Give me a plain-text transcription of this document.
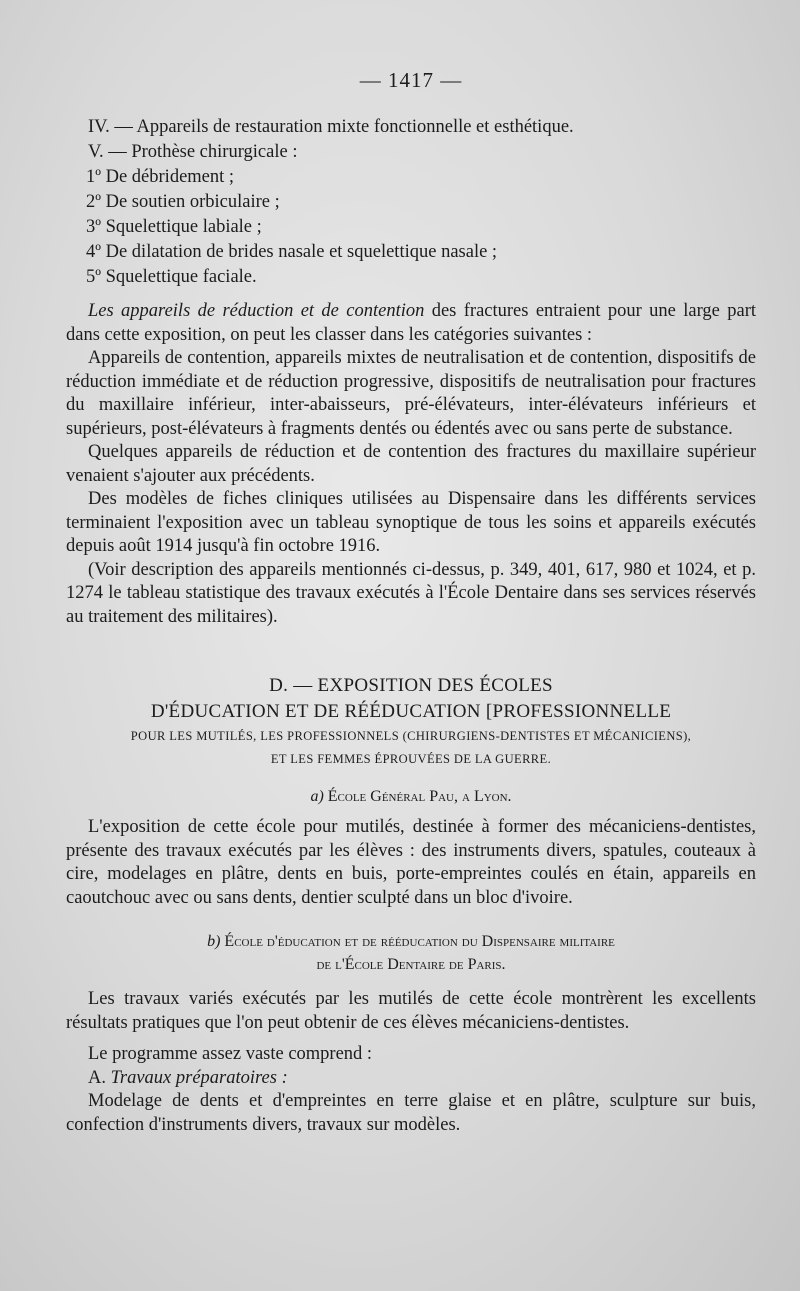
— 1417 —

IV. — Appareils de restauration mixte fonctionnelle et esthétique.

V. — Prothèse chirurgicale :

1º De débridement ;

2º De soutien orbiculaire ;

3º Squelettique labiale ;

4º De dilatation de brides nasale et squelettique nasale ;

5º Squelettique faciale.

Les appareils de réduction et de contention des fractures entraient pour une large part dans cette exposition, on peut les classer dans les catégories suivantes :

Appareils de contention, appareils mixtes de neutralisation et de contention, dispositifs de réduction immédiate et de réduction progressive, dispositifs de neutralisation pour fractures du maxillaire inférieur, inter-abaisseurs, pré-élévateurs, inter-élévateurs inférieurs et supérieurs, post-élévateurs à fragments dentés ou édentés avec ou sans perte de substance.

Quelques appareils de réduction et de contention des fractures du maxillaire supérieur venaient s'ajouter aux précédents.

Des modèles de fiches cliniques utilisées au Dispensaire dans les différents services terminaient l'exposition avec un tableau synoptique de tous les soins et appareils exécutés depuis août 1914 jusqu'à fin octobre 1916.

(Voir description des appareils mentionnés ci-dessus, p. 349, 401, 617, 980 et 1024, et p. 1274 le tableau statistique des travaux exécutés à l'École Dentaire dans ses services réservés au traitement des militaires).

D. — EXPOSITION DES ÉCOLES

D'ÉDUCATION ET DE RÉÉDUCATION [PROFESSIONNELLE

POUR LES MUTILÉS, LES PROFESSIONNELS (CHIRURGIENS-DENTISTES ET MÉCANICIENS),

ET LES FEMMES ÉPROUVÉES DE LA GUERRE.

a) École Général Pau, a Lyon.

L'exposition de cette école pour mutilés, destinée à former des mécaniciens-dentistes, présente des travaux exécutés par les élèves : des instruments divers, spatules, couteaux à cire, modelages en plâtre, dents en buis, porte-empreintes coulés en étain, appareils en caoutchouc avec ou sans dents, dentier sculpté dans un bloc d'ivoire.

b) École d'éducation et de rééducation du Dispensaire militaire

de l'École Dentaire de Paris.

Les travaux variés exécutés par les mutilés de cette école montrèrent les excellents résultats pratiques que l'on peut obtenir de ces élèves mécaniciens-dentistes.

Le programme assez vaste comprend :

A. Travaux préparatoires :

Modelage de dents et d'empreintes en terre glaise et en plâtre, sculpture sur buis, confection d'instruments divers, travaux sur modèles.
